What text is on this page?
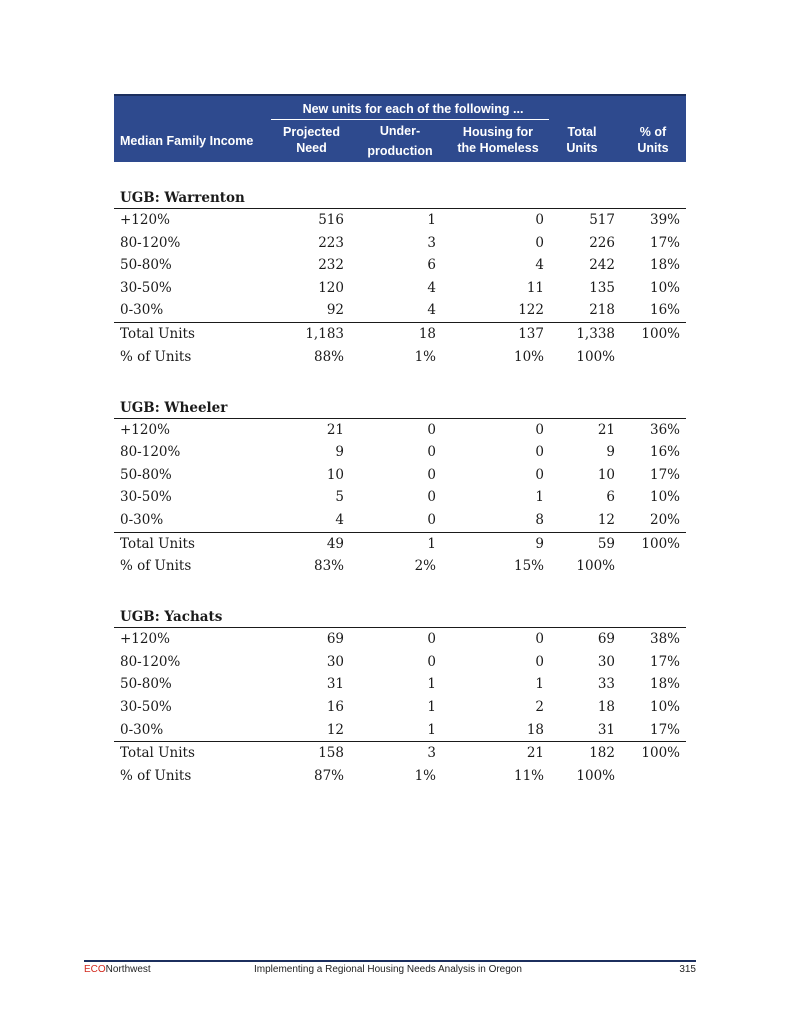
New units for each of the following ...
Median Family Income
Projected
Need
Under-
production
Housing for
the Homeless
Total
Units
% of
Units
UGB: Warrenton
+120%	516	1	0	517	39%
80-120%	223	3	0	226	17%
50-80%	232	6	4	242	18%
30-50%	120	4	11	135	10%
0-30%	92	4	122	218	16%
Total Units	1,183	18	137 1,338 100%
% of Units	88%	1%	10% 100%
UGB: Wheeler
+120%	21	0	0	21	36%
80-120%	9	0	0	9	16%
50-80%	10	0	0	10	17%
30-50%	5	0	1	6	10%
0-30%	4	0	8	12	20%
Total Units	49	1	9	59 100%
% of Units	83%	2%	15% 100%
UGB: Yachats
+120%	69	0	0	69	38%
80-120%	30	0	0	30	17%
50-80%	31	1	1	33	18%
30-50%	16	1	2	18	10%
0-30%	12	1	18	31	17%
Total Units	158	3	21	182 100%
% of Units	87%	1%	11% 100%
ECONorthwest	Implementing a Regional Housing Needs Analysis in Oregon	315
